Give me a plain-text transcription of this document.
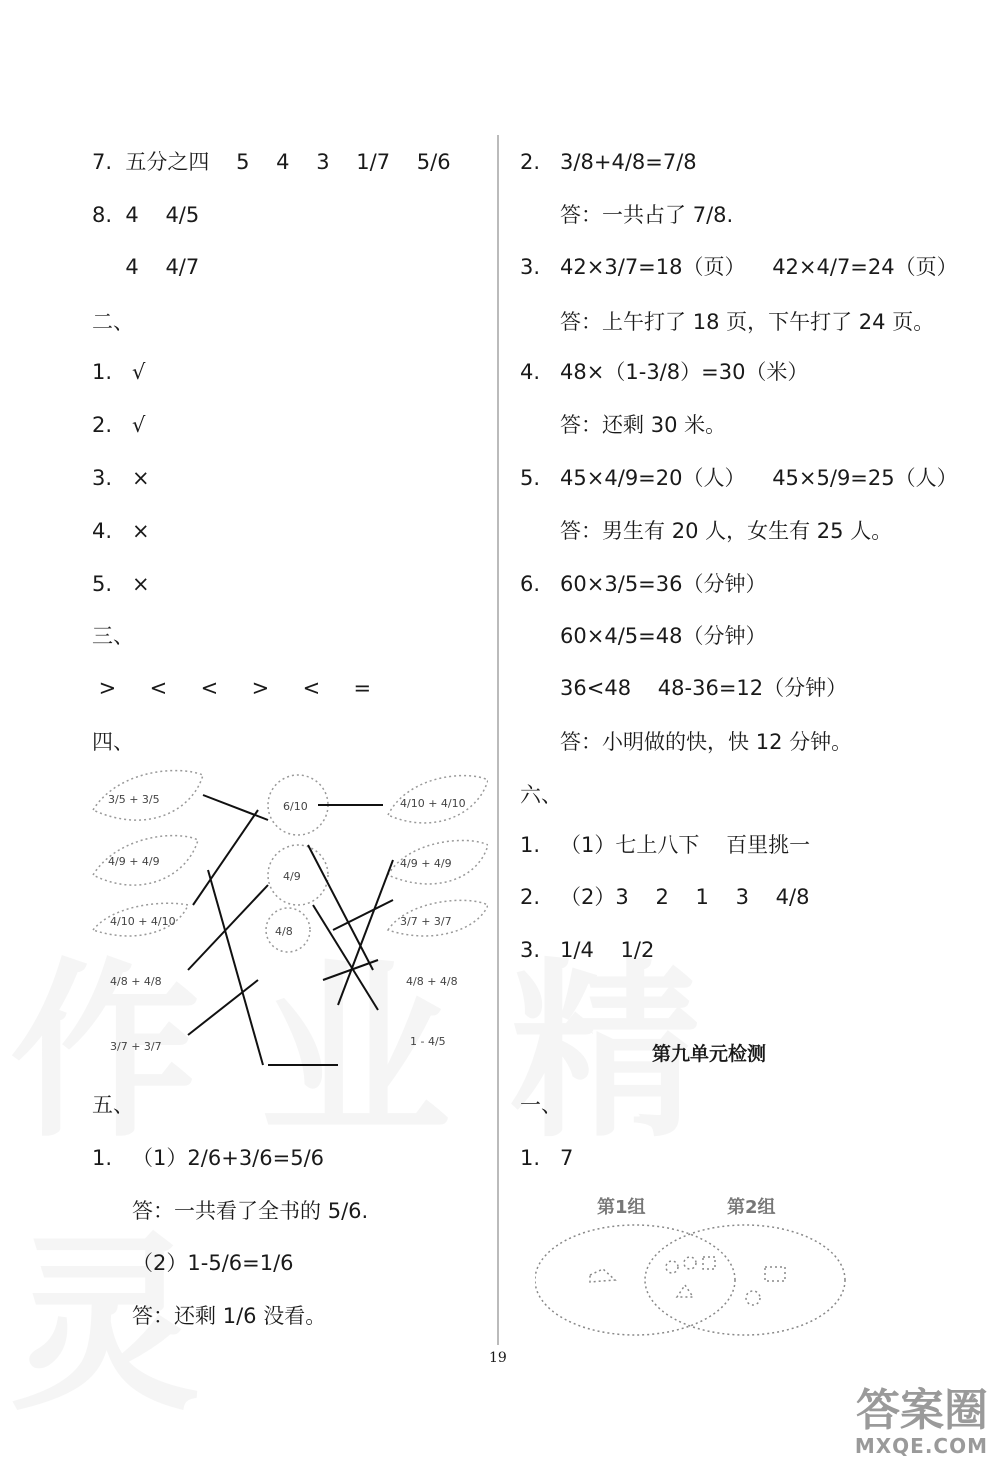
7.  五分之四    5    4    3    1/7    5/6
8.  4    4/5
4    4/7
二、
1.   √
2.   √
3.   ×
4.   ×
5.   ×
三、
>     <     <     >     <     =
四、
五、
1.   （1）2/6+3/6=5/6
答：一共看了全书的 5/6.
（2）1-5/6=1/6
答：还剩 1/6 没看。
2.   3/8+4/8=7/8
答：一共占了 7/8.
3.   42×3/7=18（页）    42×4/7=24（页）
答：上午打了 18 页，下午打了 24 页。
4.   48×（1-3/8）=30（米）
答：还剩 30 米。
5.   45×4/9=20（人）    45×5/9=25（人）
答：男生有 20 人，女生有 25 人。
6.   60×3/5=36（分钟）
60×4/5=48（分钟）
36<48    48-36=12（分钟）
答：小明做的快，快 12 分钟。
六、
1.   （1）七上八下    百里挑一
2.   （2）3    2    1    3    4/8
3.   1/4    1/2
第九单元检测
一、
1.   7
3/5 + 3/5
4/9 + 4/9
4/10 + 4/10
4/8 + 4/8
3/7 + 3/7
6/10
4/9
4/8
4/10 + 4/10
4/9 + 4/9
3/7 + 3/7
4/8 + 4/8
1 - 4/5
第1组	第2组
19
答案圈
MXQE.COM
